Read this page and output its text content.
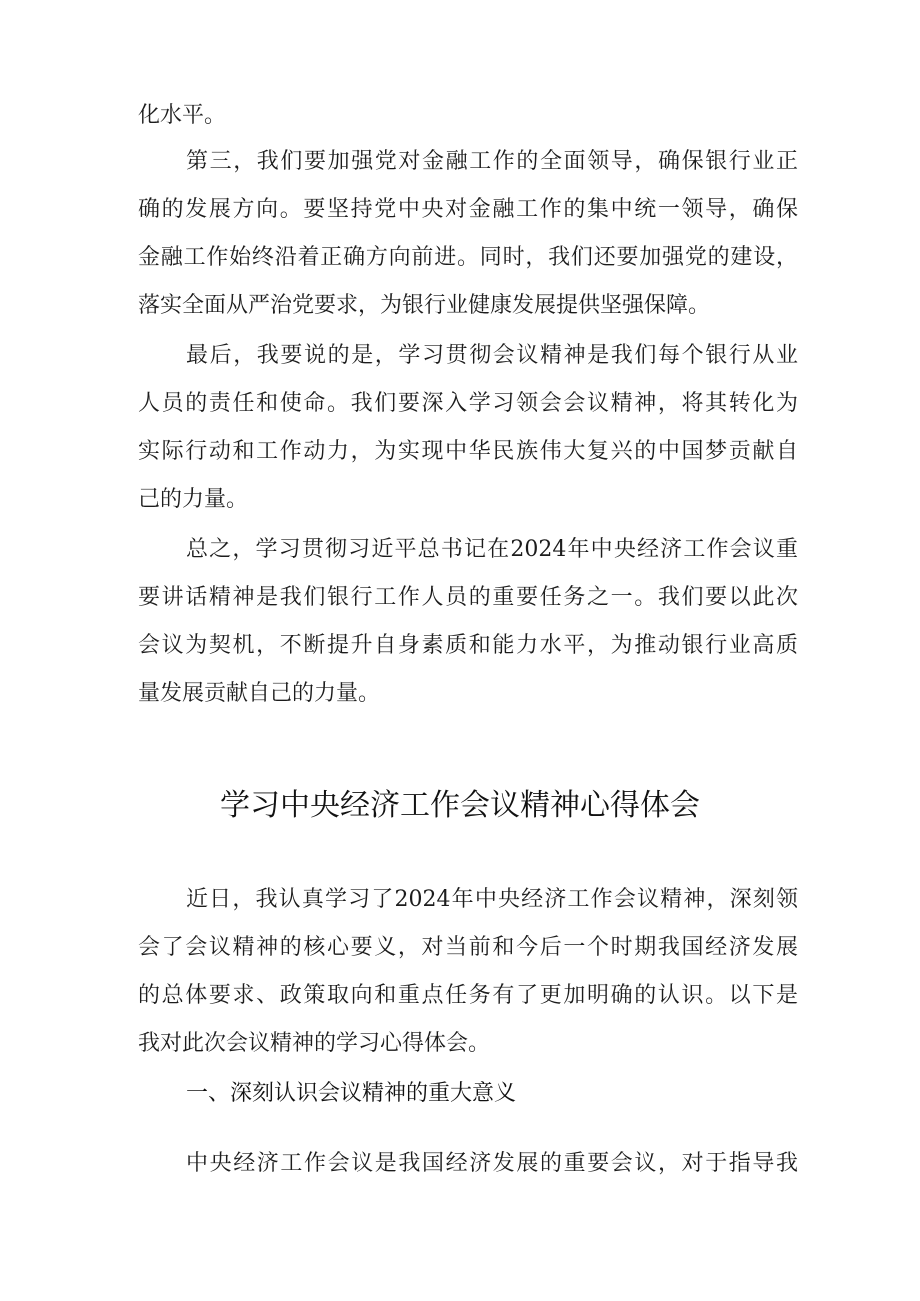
化水平。
第三，我们要加强党对金融工作的全面领导，确保银行业正
确的发展方向。要坚持党中央对金融工作的集中统一领导，确保
金融工作始终沿着正确方向前进。同时，我们还要加强党的建设，
落实全面从严治党要求，为银行业健康发展提供坚强保障。
最后，我要说的是，学习贯彻会议精神是我们每个银行从业
人员的责任和使命。我们要深入学习领会会议精神，将其转化为
实际行动和工作动力，为实现中华民族伟大复兴的中国梦贡献自
己的力量。
总之，学习贯彻习近平总书记在2024年中央经济工作会议重
要讲话精神是我们银行工作人员的重要任务之一。我们要以此次
会议为契机，不断提升自身素质和能力水平，为推动银行业高质
量发展贡献自己的力量。
学习中央经济工作会议精神心得体会
近日，我认真学习了2024年中央经济工作会议精神，深刻领
会了会议精神的核心要义，对当前和今后一个时期我国经济发展
的总体要求、政策取向和重点任务有了更加明确的认识。以下是
我对此次会议精神的学习心得体会。
一、深刻认识会议精神的重大意义
中央经济工作会议是我国经济发展的重要会议，对于指导我
